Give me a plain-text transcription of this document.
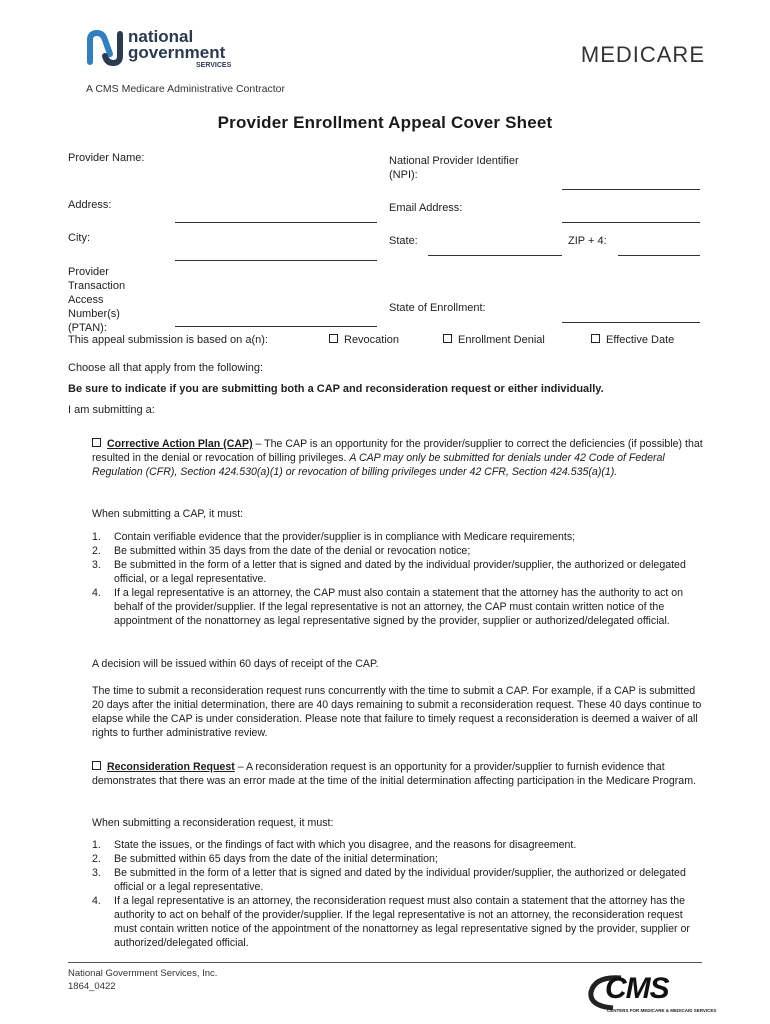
national
government
SERVICES	MEDICARE
A CMS Medicare Administrative Contractor
Provider Enrollment Appeal Cover Sheet
Provider Name:	National Provider Identifier (NPI):
Address:	Email Address:
City:	State:	ZIP + 4:
Provider Transaction Access Number(s) (PTAN):
State of Enrollment:
This appeal submission is based on a(n):	Revocation	Enrollment Denial	Effective Date
Choose all that apply from the following:
Be sure to indicate if you are submitting both a CAP and reconsideration request or either individually.
I am submitting a:
Corrective Action Plan (CAP) – The CAP is an opportunity for the provider/supplier to correct the deficiencies (if possible) that resulted in the denial or revocation of billing privileges. A CAP may only be submitted for denials under 42 Code of Federal Regulation (CFR), Section 424.530(a)(1) or revocation of billing privileges under 42 CFR, Section 424.535(a)(1).
When submitting a CAP, it must:
1. Contain verifiable evidence that the provider/supplier is in compliance with Medicare requirements;
2. Be submitted within 35 days from the date of the denial or revocation notice;
3. Be submitted in the form of a letter that is signed and dated by the individual provider/supplier, the authorized or delegated official, or a legal representative.
4. If a legal representative is an attorney, the CAP must also contain a statement that the attorney has the authority to act on behalf of the provider/supplier. If the legal representative is not an attorney, the CAP must contain written notice of the appointment of the nonattorney as legal representative signed by the provider, supplier or authorized/delegated official.
A decision will be issued within 60 days of receipt of the CAP.
The time to submit a reconsideration request runs concurrently with the time to submit a CAP. For example, if a CAP is submitted 20 days after the initial determination, there are 40 days remaining to submit a reconsideration request. These 40 days continue to elapse while the CAP is under consideration. Please note that failure to timely request a reconsideration is deemed a waiver of all rights to further administrative review.
Reconsideration Request – A reconsideration request is an opportunity for a provider/supplier to furnish evidence that demonstrates that there was an error made at the time of the initial determination affecting participation in the Medicare Program.
When submitting a reconsideration request, it must:
1. State the issues, or the findings of fact with which you disagree, and the reasons for disagreement.
2. Be submitted within 65 days from the date of the initial determination;
3. Be submitted in the form of a letter that is signed and dated by the individual provider/supplier, the authorized or delegated official or a legal representative.
4. If a legal representative is an attorney, the reconsideration request must also contain a statement that the attorney has the authority to act on behalf of the provider/supplier. If the legal representative is not an attorney, the reconsideration request must contain written notice of the appointment of the nonattorney as legal representative signed by the provider, supplier or authorized/delegated official.
National Government Services, Inc.
1864_0422	CMS
CENTERS FOR MEDICARE & MEDICAID SERVICES
